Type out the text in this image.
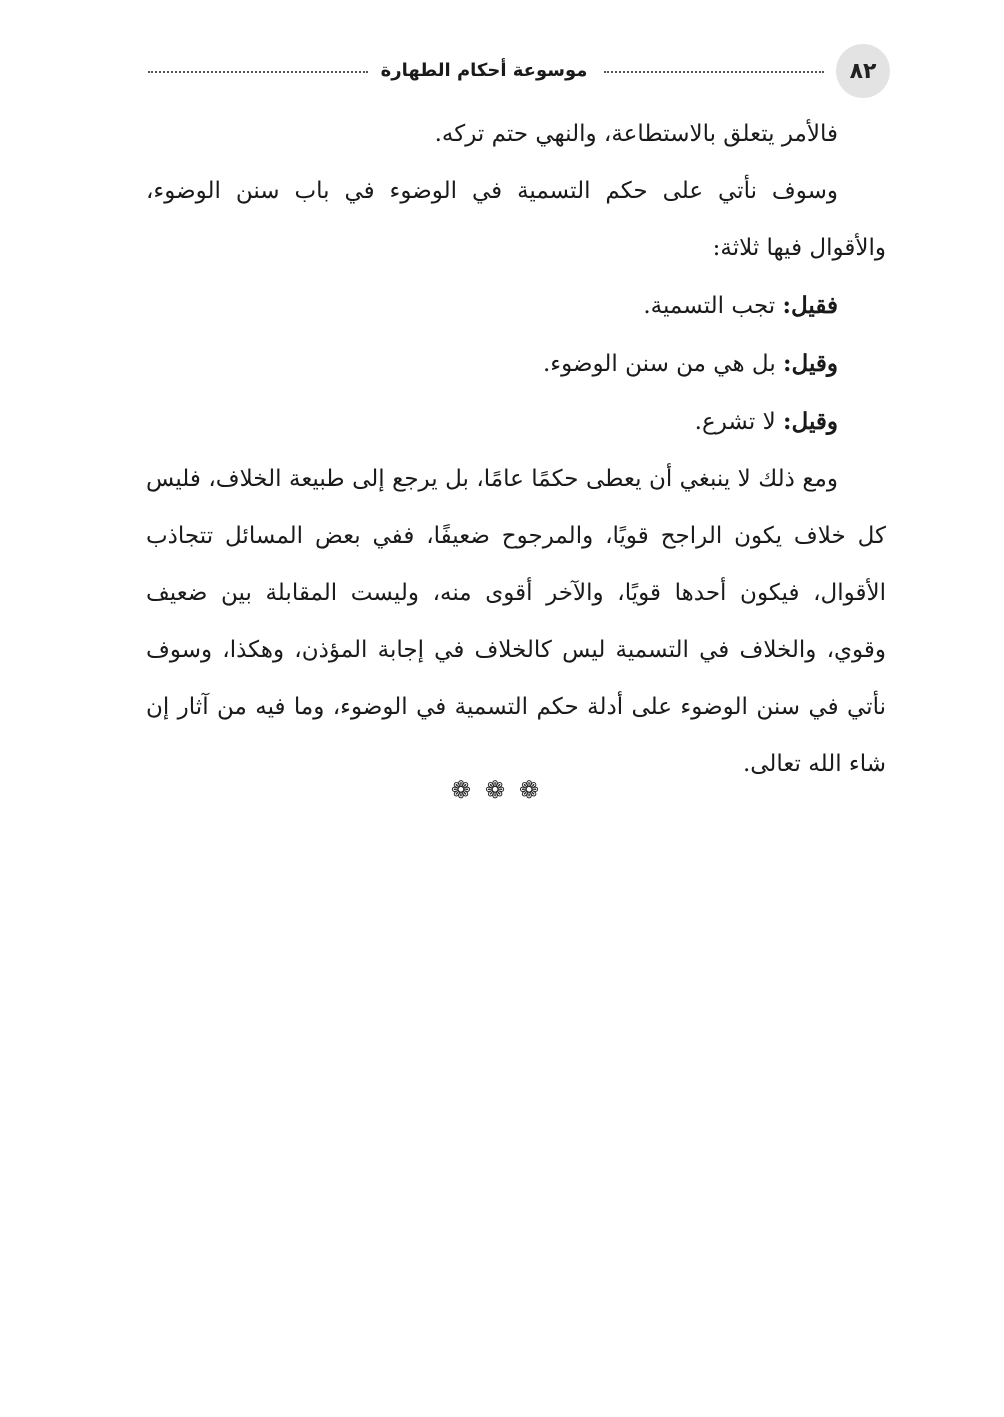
٨٢
موسوعة أحكام الطهارة

فالأمر يتعلق بالاستطاعة، والنهي حتم تركه.

وسوف نأتي على حكم التسمية في الوضوء في باب سنن الوضوء، والأقوال فيها ثلاثة:

فقيل: تجب التسمية.

وقيل: بل هي من سنن الوضوء.

وقيل: لا تشرع.

ومع ذلك لا ينبغي أن يعطى حكمًا عامًا، بل يرجع إلى طبيعة الخلاف، فليس كل خلاف يكون الراجح قويًا، والمرجوح ضعيفًا، ففي بعض المسائل تتجاذب الأقوال، فيكون أحدها قويًا، والآخر أقوى منه، وليست المقابلة بين ضعيف وقوي، والخلاف في التسمية ليس كالخلاف في إجابة المؤذن، وهكذا، وسوف نأتي في سنن الوضوء على أدلة حكم التسمية في الوضوء، وما فيه من آثار إن شاء الله تعالى.

❁❁❁
